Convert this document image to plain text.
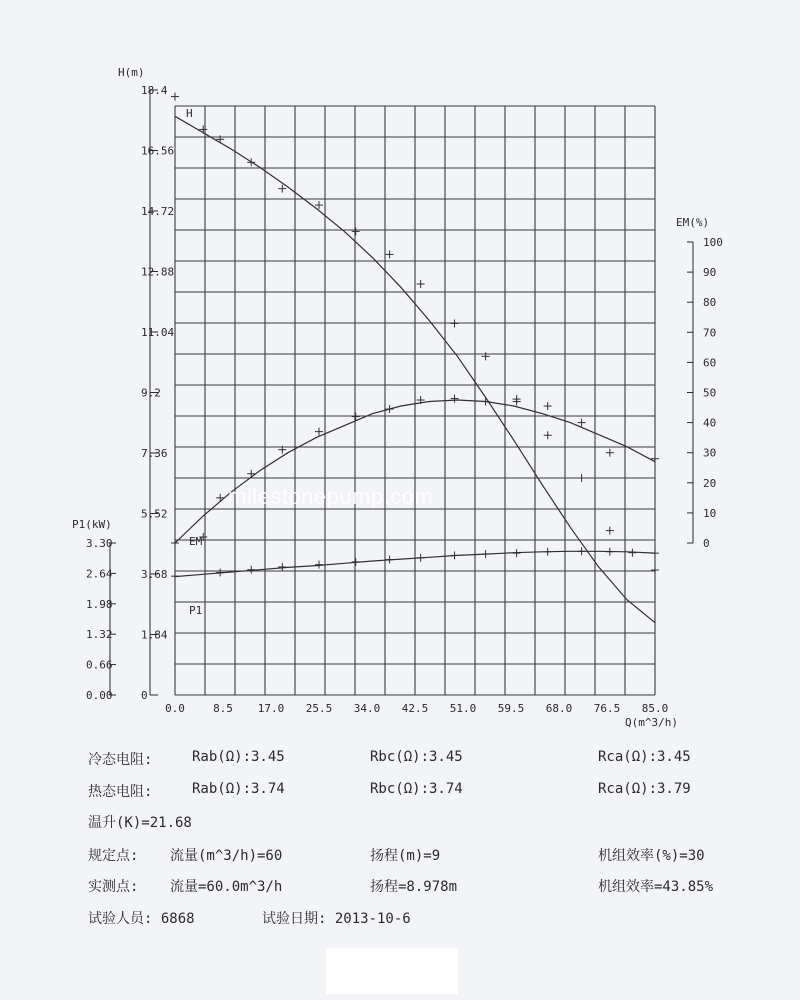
0
1.84
3.68
5.52
7.36
9.2
11.04
12.88
14.72
16.56
18.4
H(m)
0
10
20
30
40
50
60
70
80
90
100
EM(%)
0.00
0.66
1.32
1.98
2.64
3.30
P1(kW)
0.0	8.5 17.0 25.5 34.0 42.5 51.0 59.5 68.0 76.5 85.0
Q(m^3/h)
H
EM
P1
milestonepump.com
冷态电阻:	Rab(Ω):3.45	Rbc(Ω):3.45	Rca(Ω):3.45
热态电阻:	Rab(Ω):3.74	Rbc(Ω):3.74	Rca(Ω):3.79
温升(K)=21.68
规定点: 流量(m^3/h)=60	扬程(m)=9	机组效率(%)=30
实测点: 流量=60.0m^3/h	扬程=8.978m	机组效率=43.85%
试验人员: 6868	试验日期: 2013-10-6
